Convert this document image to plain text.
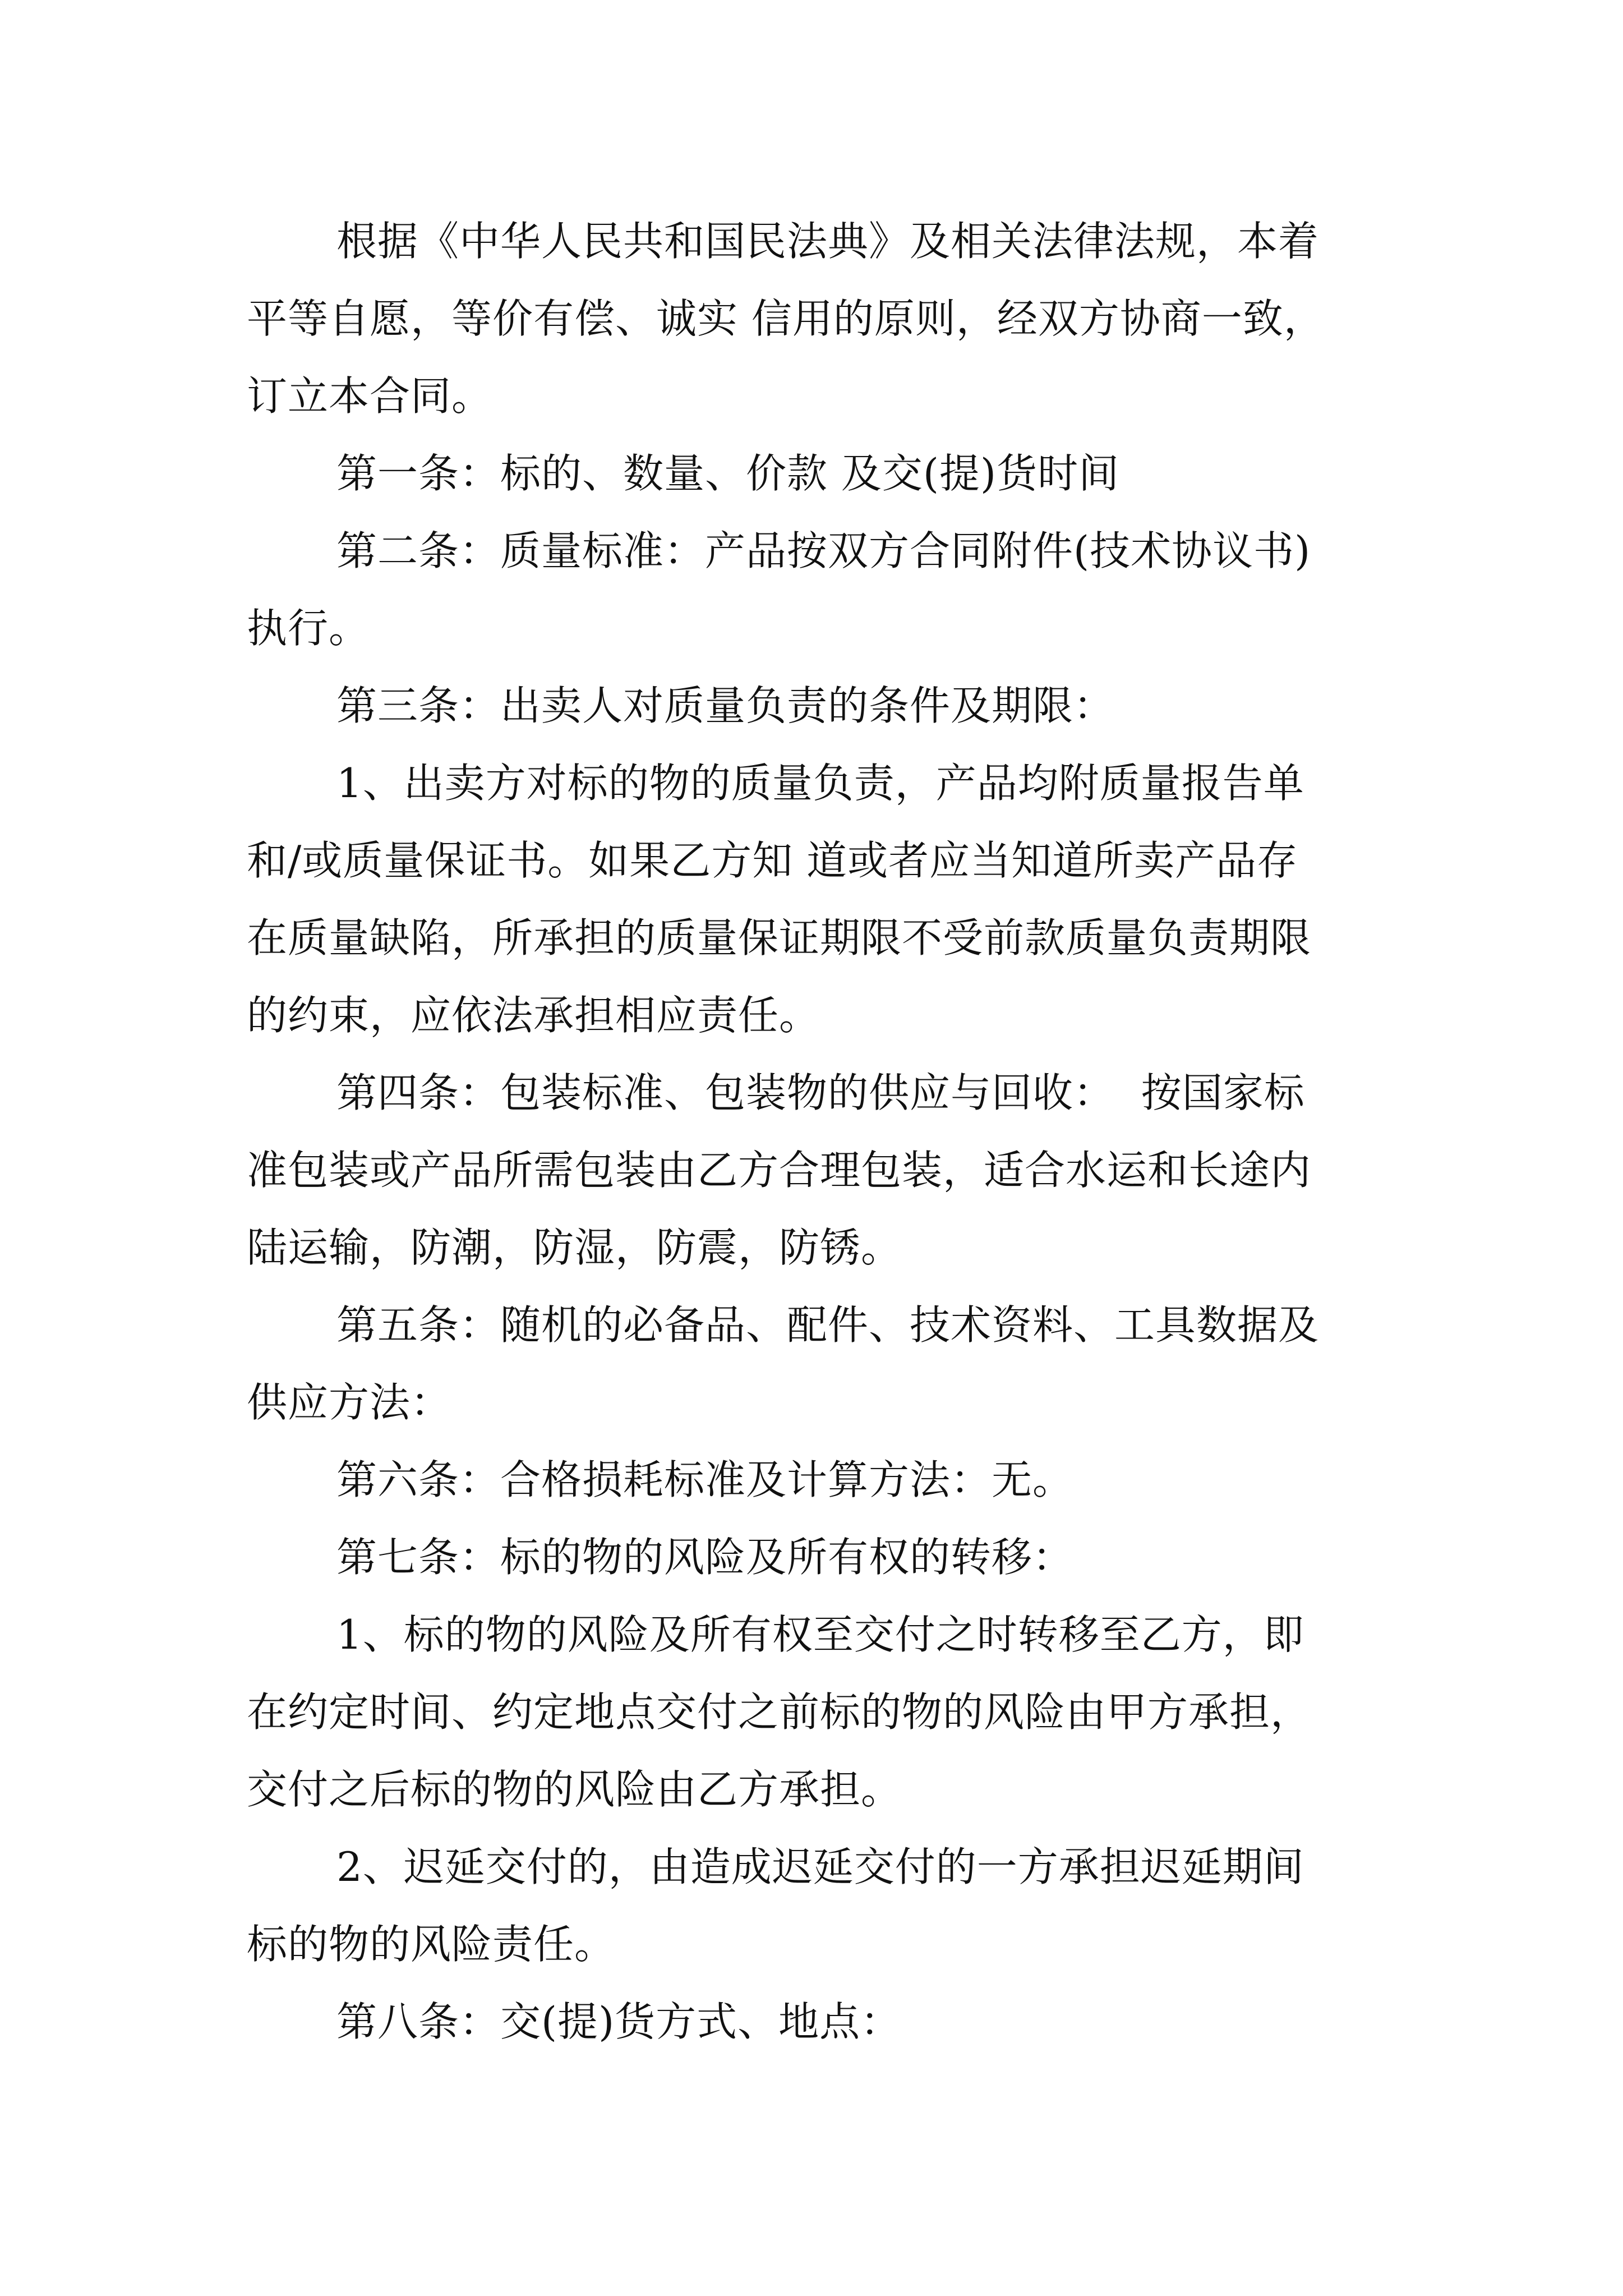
根据《中华人民共和国民法典》及相关法律法规，本着
平等自愿，等价有偿、诚实 信用的原则，经双方协商一致，
订立本合同。
第一条：标的、数量、价款 及交(提)货时间
第二条：质量标准：产品按双方合同附件(技术协议书)
执行。
第三条：出卖人对质量负责的条件及期限：
1、出卖方对标的物的质量负责，产品均附质量报告单
和/或质量保证书。如果乙方知 道或者应当知道所卖产品存
在质量缺陷，所承担的质量保证期限不受前款质量负责期限
的约束，应依法承担相应责任。
第四条：包装标准、包装物的供应与回收：  按国家标
准包装或产品所需包装由乙方合理包装，适合水运和长途内
陆运输，防潮，防湿，防震，防锈。
第五条：随机的必备品、配件、技术资料、工具数据及
供应方法：
第六条：合格损耗标准及计算方法：无。
第七条：标的物的风险及所有权的转移：
1、标的物的风险及所有权至交付之时转移至乙方，即
在约定时间、约定地点交付之前标的物的风险由甲方承担，
交付之后标的物的风险由乙方承担。
2、迟延交付的，由造成迟延交付的一方承担迟延期间
标的物的风险责任。
第八条：交(提)货方式、地点：
